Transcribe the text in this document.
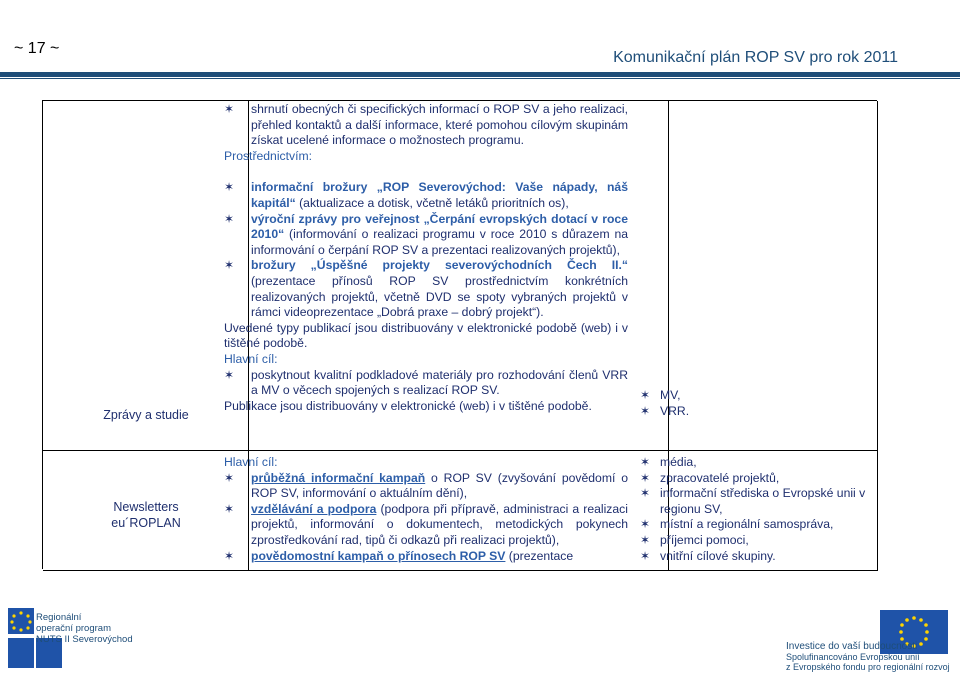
~ 17 ~
Komunikační plán ROP SV pro rok 2011
Zprávy a studie
Newsletters
eu´ROPLAN
✶ shrnutí obecných či specifických informací o ROP SV a jeho realizaci, přehled kontaktů a další informace, které pomohou cílovým skupinám získat ucelené informace o možnostech programu.

Prostřednictvím:

✶ informační brožury „ROP Severovýchod: Vaše nápady, náš kapitál“ (aktualizace a dotisk, včetně letáků prioritních os),
✶ výroční zprávy pro veřejnost „Čerpání evropských dotací v roce 2010“ (informování o realizaci programu v roce 2010 s důrazem na informování o čerpání ROP SV a prezentaci realizovaných projektů),
✶ brožury „Úspěšné projekty severovýchodních Čech II.“ (prezentace přínosů ROP SV prostřednictvím konkrétních realizovaných projektů, včetně DVD se spoty vybraných projektů v rámci videoprezentace „Dobrá praxe – dobrý projekt“).

Uvedené typy publikací jsou distribuovány v elektronické podobě (web) i v tištěné podobě.

Hlavní cíl:

✶ poskytnout kvalitní podkladové materiály pro rozhodování členů VRR a MV o věcech spojených s realizací ROP SV.

Publikace jsou distribuovány v elektronické (web) i v tištěné podobě.

✶ MV,
✶ VRR.

Hlavní cíl:

✶ průběžná informační kampaň o ROP SV (zvyšování povědomí o ROP SV, informování o aktuálním dění),
✶ vzdělávání a podpora (podpora při přípravě, administraci a realizaci projektů, informování o dokumentech, metodických pokynech zprostředkování rad, tipů či odkazů při realizaci projektů),
✶ povědomostní kampaň o přínosech ROP SV (prezentace
✶ média,
✶ zpracovatelé projektů,
✶ informační střediska o Evropské unii v regionu SV,
✶ místní a regionální samospráva,
✶ příjemci pomoci,
✶ vnitřní cílové skupiny.
Regionální
operační program
NUTS II Severovýchod
Investice do vaší budoucnosti
Spolufinancováno Evropskou unií
z Evropského fondu pro regionální rozvoj
